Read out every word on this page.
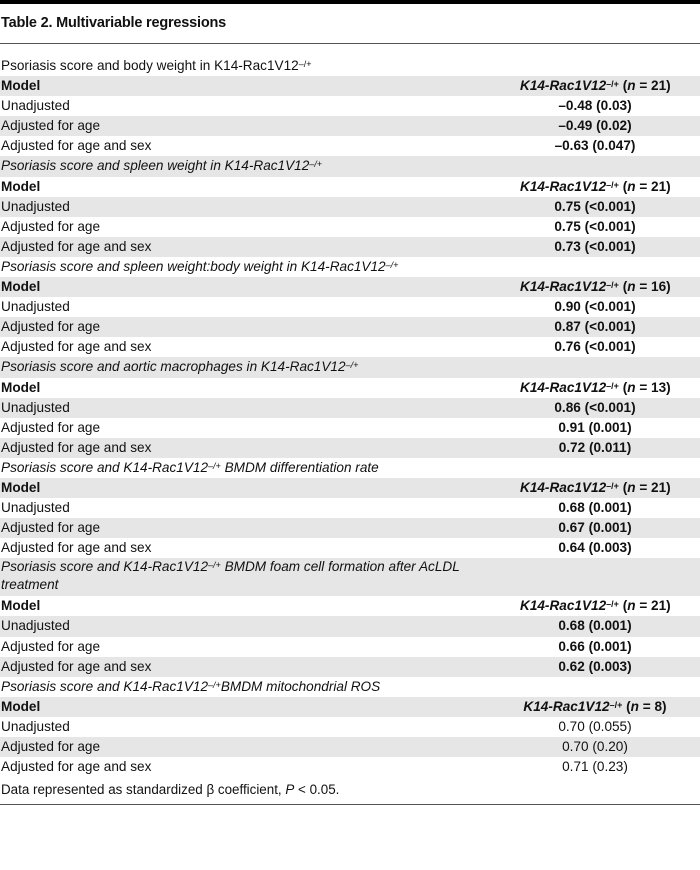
Table 2. Multivariable regressions
Psoriasis score and body weight in K14-Rac1V12–/+
Model	K14-Rac1V12–/+ (n = 21)
Unadjusted	–0.48 (0.03)
Adjusted for age	–0.49 (0.02)
Adjusted for age and sex	–0.63 (0.047)
Psoriasis score and spleen weight in K14-Rac1V12–/+
Model	K14-Rac1V12–/+ (n = 21)
Unadjusted	0.75 (<0.001)
Adjusted for age	0.75 (<0.001)
Adjusted for age and sex	0.73 (<0.001)
Psoriasis score and spleen weight:body weight in K14-Rac1V12–/+
Model	K14-Rac1V12–/+ (n = 16)
Unadjusted	0.90 (<0.001)
Adjusted for age	0.87 (<0.001)
Adjusted for age and sex	0.76 (<0.001)
Psoriasis score and aortic macrophages in K14-Rac1V12–/+
Model	K14-Rac1V12–/+ (n = 13)
Unadjusted	0.86 (<0.001)
Adjusted for age	0.91 (0.001)
Adjusted for age and sex	0.72 (0.011)
Psoriasis score and K14-Rac1V12–/+ BMDM differentiation rate
Model	K14-Rac1V12–/+ (n = 21)
Unadjusted	0.68 (0.001)
Adjusted for age	0.67 (0.001)
Adjusted for age and sex	0.64 (0.003)
Psoriasis score and K14-Rac1V12–/+ BMDM foam cell formation after AcLDL treatment
Model	K14-Rac1V12–/+ (n = 21)
Unadjusted	0.68 (0.001)
Adjusted for age	0.66 (0.001)
Adjusted for age and sex	0.62 (0.003)
Psoriasis score and K14-Rac1V12–/+BMDM mitochondrial ROS
Model	K14-Rac1V12–/+ (n = 8)
Unadjusted	0.70 (0.055)
Adjusted for age	0.70 (0.20)
Adjusted for age and sex	0.71 (0.23)
Data represented as standardized β coefficient, P < 0.05.
